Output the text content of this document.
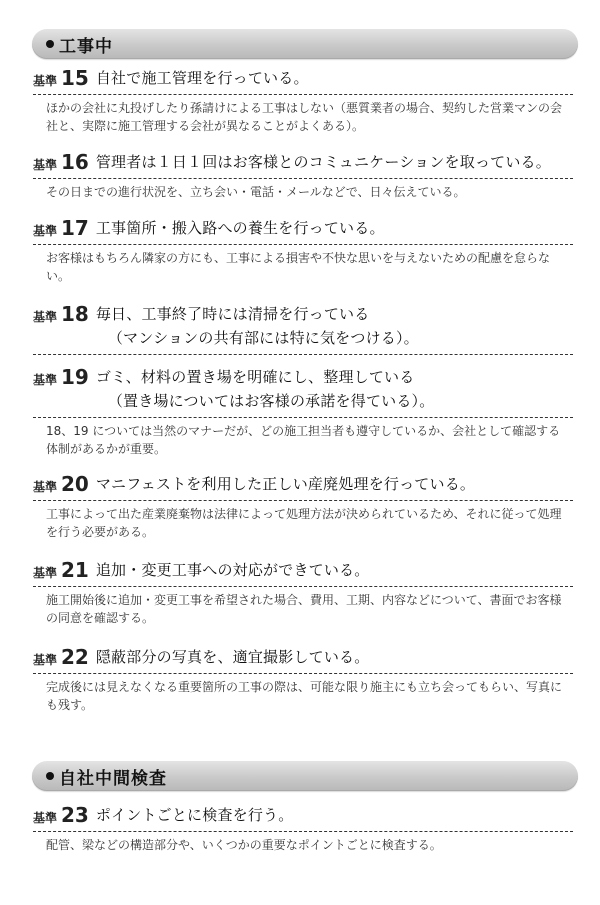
工事中
基準 15 自社で施工管理を行っている。
ほかの会社に丸投げしたり孫請けによる工事はしない（悪質業者の場合、契約した営業マンの会社と、実際に施工管理する会社が異なることがよくある）。
基準 16 管理者は１日１回はお客様とのコミュニケーションを取っている。
その日までの進行状況を、立ち会い・電話・メールなどで、日々伝えている。
基準 17 工事箇所・搬入路への養生を行っている。
お客様はもちろん隣家の方にも、工事による損害や不快な思いを与えないための配慮を怠らない。
基準 18 毎日、工事終了時には清掃を行っている
（マンションの共有部には特に気をつける）。
基準 19 ゴミ、材料の置き場を明確にし、整理している
（置き場についてはお客様の承諾を得ている）。
18、19 については当然のマナーだが、どの施工担当者も遵守しているか、会社として確認する体制があるかが重要。
基準 20 マニフェストを利用した正しい産廃処理を行っている。
工事によって出た産業廃棄物は法律によって処理方法が決められているため、それに従って処理を行う必要がある。
基準 21 追加・変更工事への対応ができている。
施工開始後に追加・変更工事を希望された場合、費用、工期、内容などについて、書面でお客様の同意を確認する。
基準 22 隠蔽部分の写真を、適宜撮影している。
完成後には見えなくなる重要箇所の工事の際は、可能な限り施主にも立ち会ってもらい、写真にも残す。
自社中間検査
基準 23 ポイントごとに検査を行う。
配管、梁などの構造部分や、いくつかの重要なポイントごとに検査する。
